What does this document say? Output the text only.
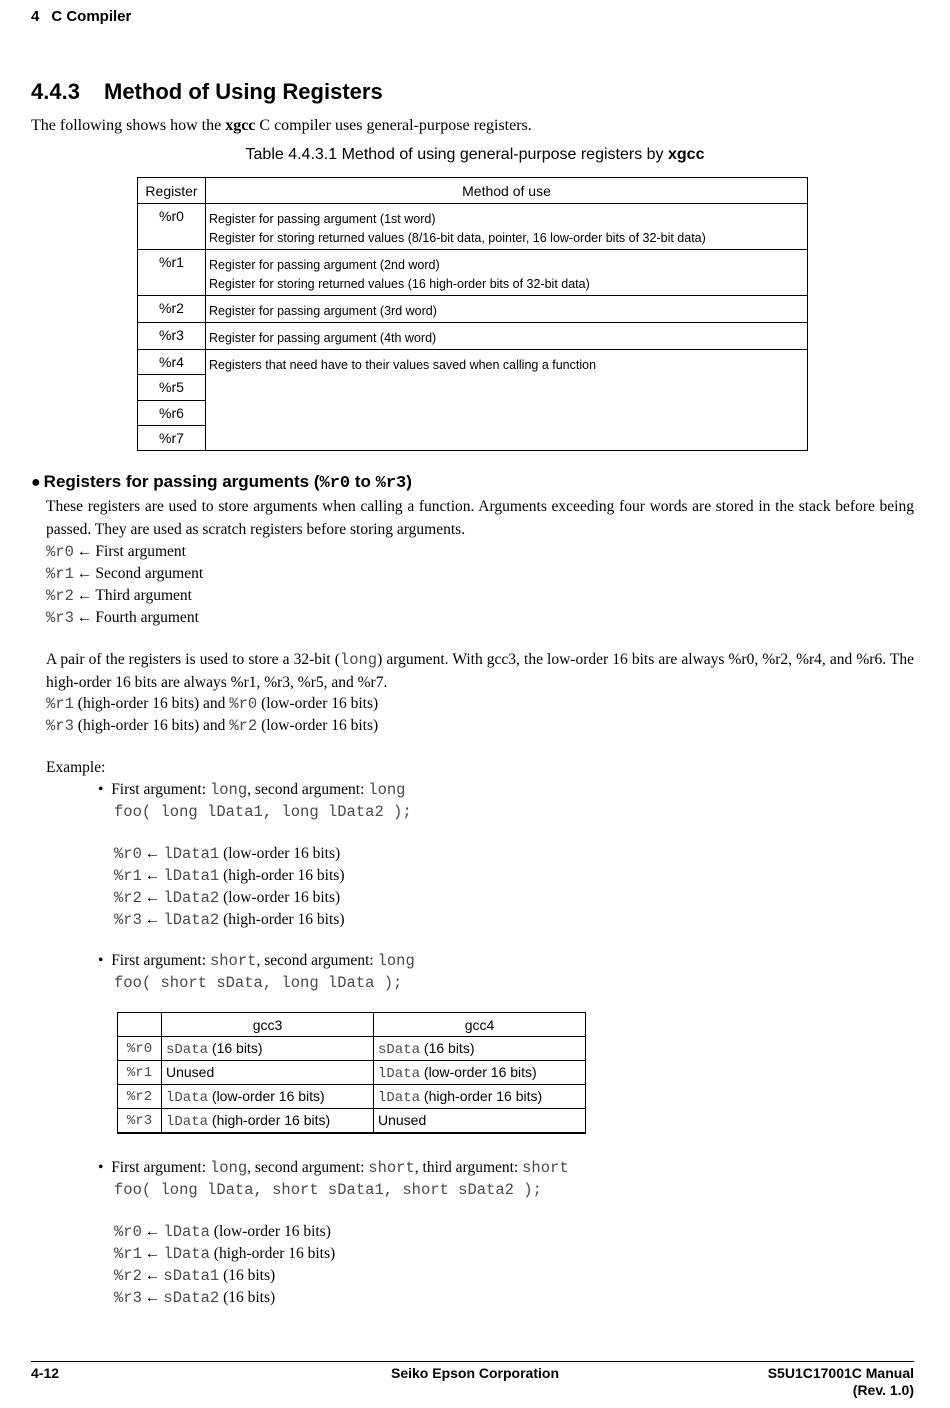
4 C Compiler
4.4.3 Method of Using Registers
The following shows how the xgcc C compiler uses general-purpose registers.
Table 4.4.3.1 Method of using general-purpose registers by xgcc
Register	Method of use
%r0	Register for passing argument (1st word)
Register for storing returned values (8/16-bit data, pointer, 16 low-order bits of 32-bit data)

%r1	Register for passing argument (2nd word)
Register for storing returned values (16 high-order bits of 32-bit data)

%r2	Register for passing argument (3rd word)
%r3	Register for passing argument (4th word)
%r4	Registers that need have to their values saved when calling a function
%r5	
%r6	
%r7	
● Registers for passing arguments (%r0 to %r3)
These registers are used to store arguments when calling a function. Arguments exceeding four words are stored in the stack before being passed. They are used as scratch registers before storing arguments.
%r0 ← First argument
%r1 ← Second argument
%r2 ← Third argument
%r3 ← Fourth argument
A pair of the registers is used to store a 32-bit (long) argument. With gcc3, the low-order 16 bits are always %r0, %r2, %r4, and %r6. The high-order 16 bits are always %r1, %r3, %r5, and %r7.
%r1 (high-order 16 bits) and %r0 (low-order 16 bits)
%r3 (high-order 16 bits) and %r2 (low-order 16 bits)
Example:
• First argument: long, second argument: long
foo( long lData1, long lData2 );
%r0 ← lData1 (low-order 16 bits)
%r1 ← lData1 (high-order 16 bits)
%r2 ← lData2 (low-order 16 bits)
%r3 ← lData2 (high-order 16 bits)
• First argument: short, second argument: long
foo( short sData, long lData );
	gcc3	gcc4
%r0	sData (16 bits)	sData (16 bits)
%r1	Unused	lData (low-order 16 bits)
%r2	lData (low-order 16 bits)	lData (high-order 16 bits)
%r3	lData (high-order 16 bits)	Unused
• First argument: long, second argument: short, third argument: short
foo( long lData, short sData1, short sData2 );
%r0 ← lData (low-order 16 bits)
%r1 ← lData (high-order 16 bits)
%r2 ← sData1 (16 bits)
%r3 ← sData2 (16 bits)
4-12	Seiko Epson Corporation	S5U1C17001C Manual
(Rev. 1.0)
